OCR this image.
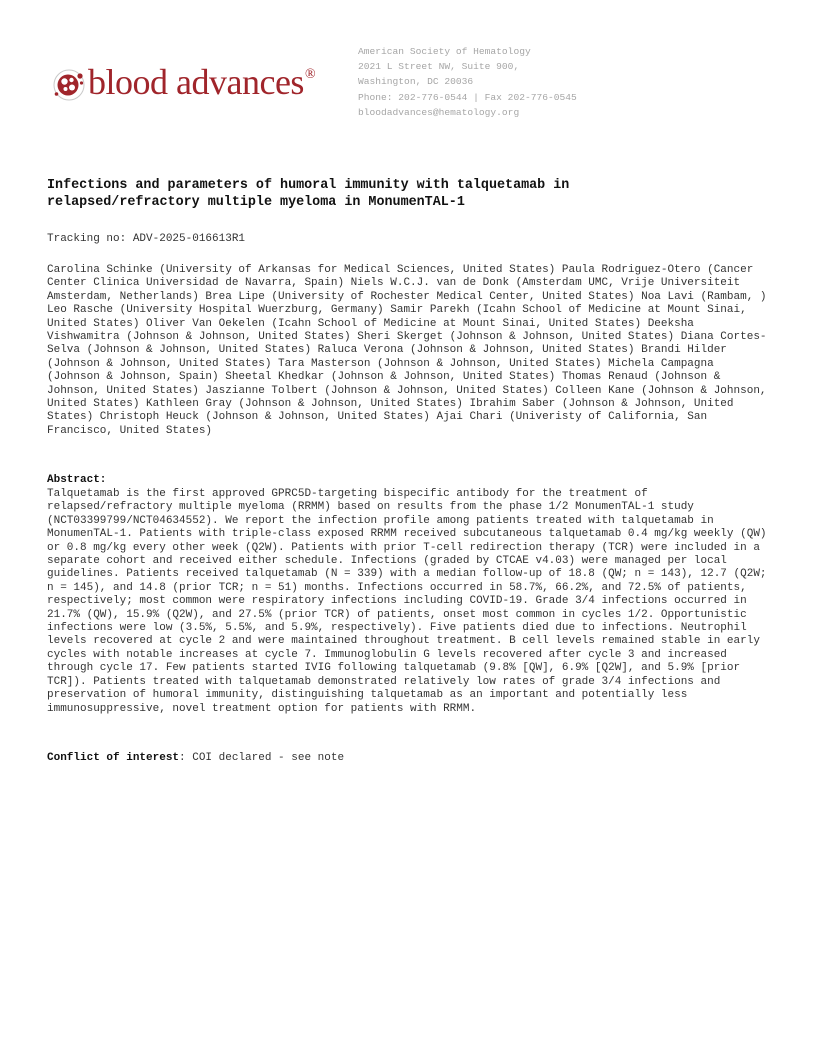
blood advances®
American Society of Hematology
2021 L Street NW, Suite 900,
Washington, DC 20036
Phone: 202-776-0544 | Fax 202-776-0545
bloodadvances@hematology.org
Infections and parameters of humoral immunity with talquetamab in relapsed/refractory multiple myeloma in MonumenTAL-1
Tracking no: ADV-2025-016613R1

Carolina Schinke (University of Arkansas for Medical Sciences, United States) Paula Rodriguez-Otero (Cancer Center Clinica Universidad de Navarra, Spain) Niels W.C.J. van de Donk (Amsterdam UMC, Vrije Universiteit Amsterdam, Netherlands) Brea Lipe (University of Rochester Medical Center, United States) Noa Lavi (Rambam, ) Leo Rasche (University Hospital Wuerzburg, Germany) Samir Parekh (Icahn School of Medicine at Mount Sinai, United States) Oliver Van Oekelen (Icahn School of Medicine at Mount Sinai, United States) Deeksha Vishwamitra (Johnson & Johnson, United States) Sheri Skerget (Johnson & Johnson, United States) Diana Cortes-Selva (Johnson & Johnson, United States) Raluca Verona (Johnson & Johnson, United States) Brandi Hilder (Johnson & Johnson, United States) Tara Masterson (Johnson & Johnson, United States) Michela Campagna (Johnson & Johnson, Spain) Sheetal Khedkar (Johnson & Johnson, United States) Thomas Renaud (Johnson & Johnson, United States) Jaszianne Tolbert (Johnson & Johnson, United States) Colleen Kane (Johnson & Johnson, United States) Kathleen Gray (Johnson & Johnson, United States) Ibrahim Saber (Johnson & Johnson, United States) Christoph Heuck (Johnson & Johnson, United States) Ajai Chari (Univeristy of California, San Francisco, United States)

Abstract:

Talquetamab is the first approved GPRC5D-targeting bispecific antibody for the treatment of relapsed/refractory multiple myeloma (RRMM) based on results from the phase 1/2 MonumenTAL-1 study (NCT03399799/NCT04634552). We report the infection profile among patients treated with talquetamab in MonumenTAL-1. Patients with triple-class exposed RRMM received subcutaneous talquetamab 0.4 mg/kg weekly (QW) or 0.8 mg/kg every other week (Q2W). Patients with prior T-cell redirection therapy (TCR) were included in a separate cohort and received either schedule. Infections (graded by CTCAE v4.03) were managed per local guidelines. Patients received talquetamab (N = 339) with a median follow-up of 18.8 (QW; n = 143), 12.7 (Q2W; n = 145), and 14.8 (prior TCR; n = 51) months. Infections occurred in 58.7%, 66.2%, and 72.5% of patients, respectively; most common were respiratory infections including COVID-19. Grade 3/4 infections occurred in 21.7% (QW), 15.9% (Q2W), and 27.5% (prior TCR) of patients, onset most common in cycles 1/2. Opportunistic infections were low (3.5%, 5.5%, and 5.9%, respectively). Five patients died due to infections. Neutrophil levels recovered at cycle 2 and were maintained throughout treatment. B cell levels remained stable in early cycles with notable increases at cycle 7. Immunoglobulin G levels recovered after cycle 3 and increased through cycle 17. Few patients started IVIG following talquetamab (9.8% [QW], 6.9% [Q2W], and 5.9% [prior TCR]). Patients treated with talquetamab demonstrated relatively low rates of grade 3/4 infections and preservation of humoral immunity, distinguishing talquetamab as an important and potentially less immunosuppressive, novel treatment option for patients with RRMM.

Conflict of interest: COI declared - see note
